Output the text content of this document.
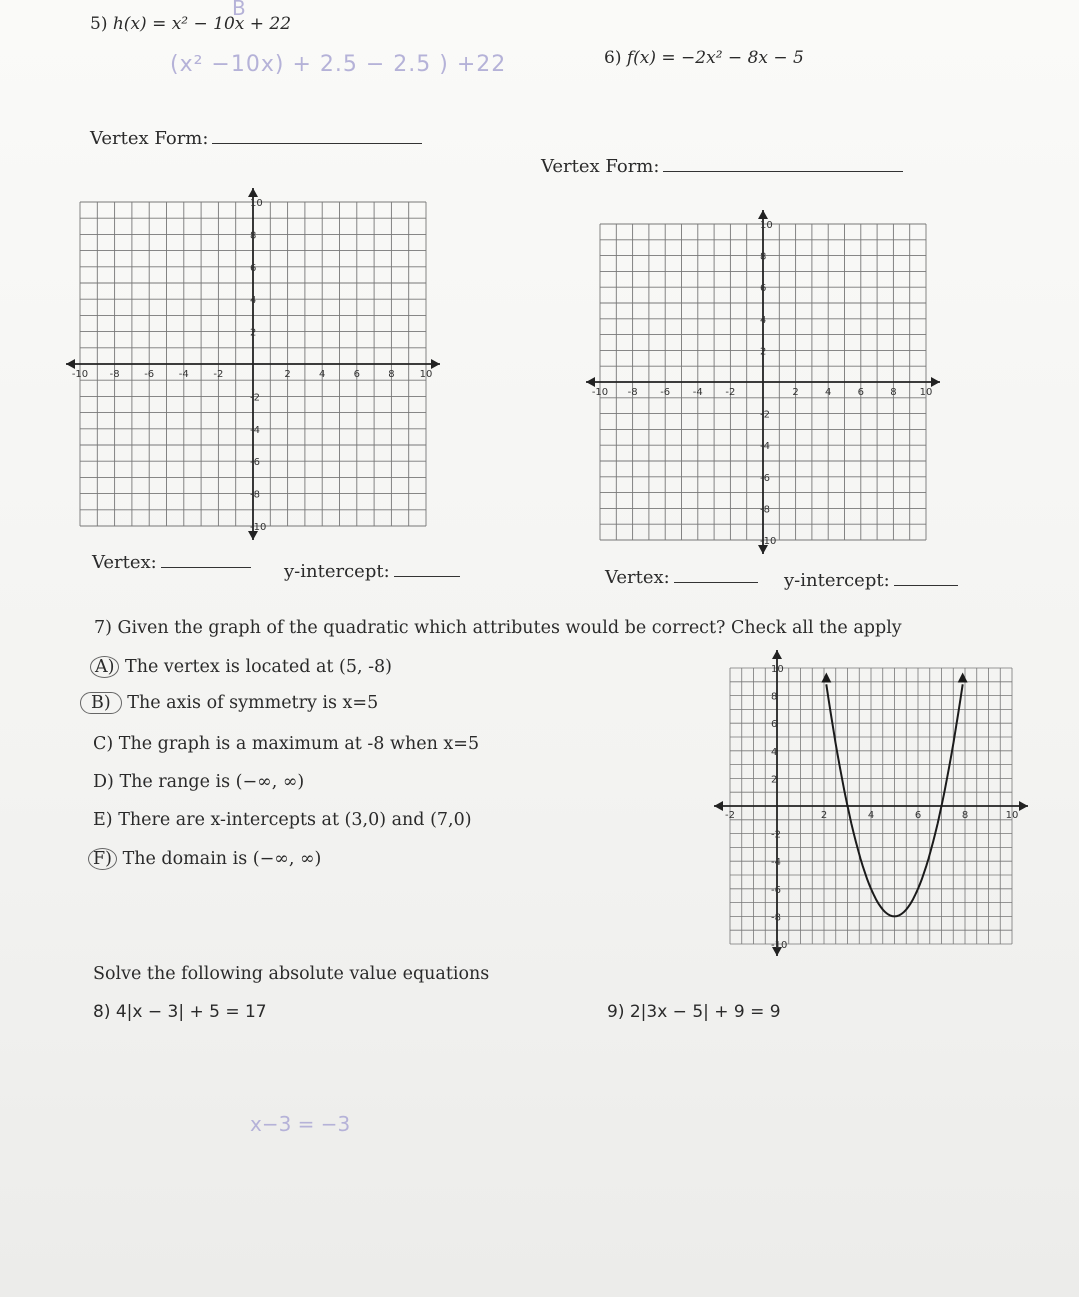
5) h(x) = x² − 10x + 22
B
(x² −10x) + 2.5 − 2.5 ) +22
Vertex Form:
6) f(x) = −2x² − 8x − 5
Vertex Form:
-10 -8 -6 -4 -2	2	4	6	8	10
10
8
6
4
2
-2
-4
-6
-8
-10
-10 -8 -6 -4 -2	2	4	6	8 10
10
8
6
4
2
-2
-4
-6
-8
-10
Vertex:	y-intercept:	Vertex:	y-intercept:
7) Given the graph of the quadratic which attributes would be correct? Check all the apply
A) The vertex is located at (5, -8)
B) The axis of symmetry is x=5
C) The graph is a maximum at -8 when x=5
D) The range is (−∞, ∞)
E) There are x-intercepts at (3,0) and (7,0)
F) The domain is (−∞, ∞)
-2	2	4	6	8	10
10
8
6
4
2
-2
-4
-6
-8
-10
Solve the following absolute value equations
8) 4|x − 3| + 5 = 17
x−3 = −3
9) 2|3x − 5| + 9 = 9
